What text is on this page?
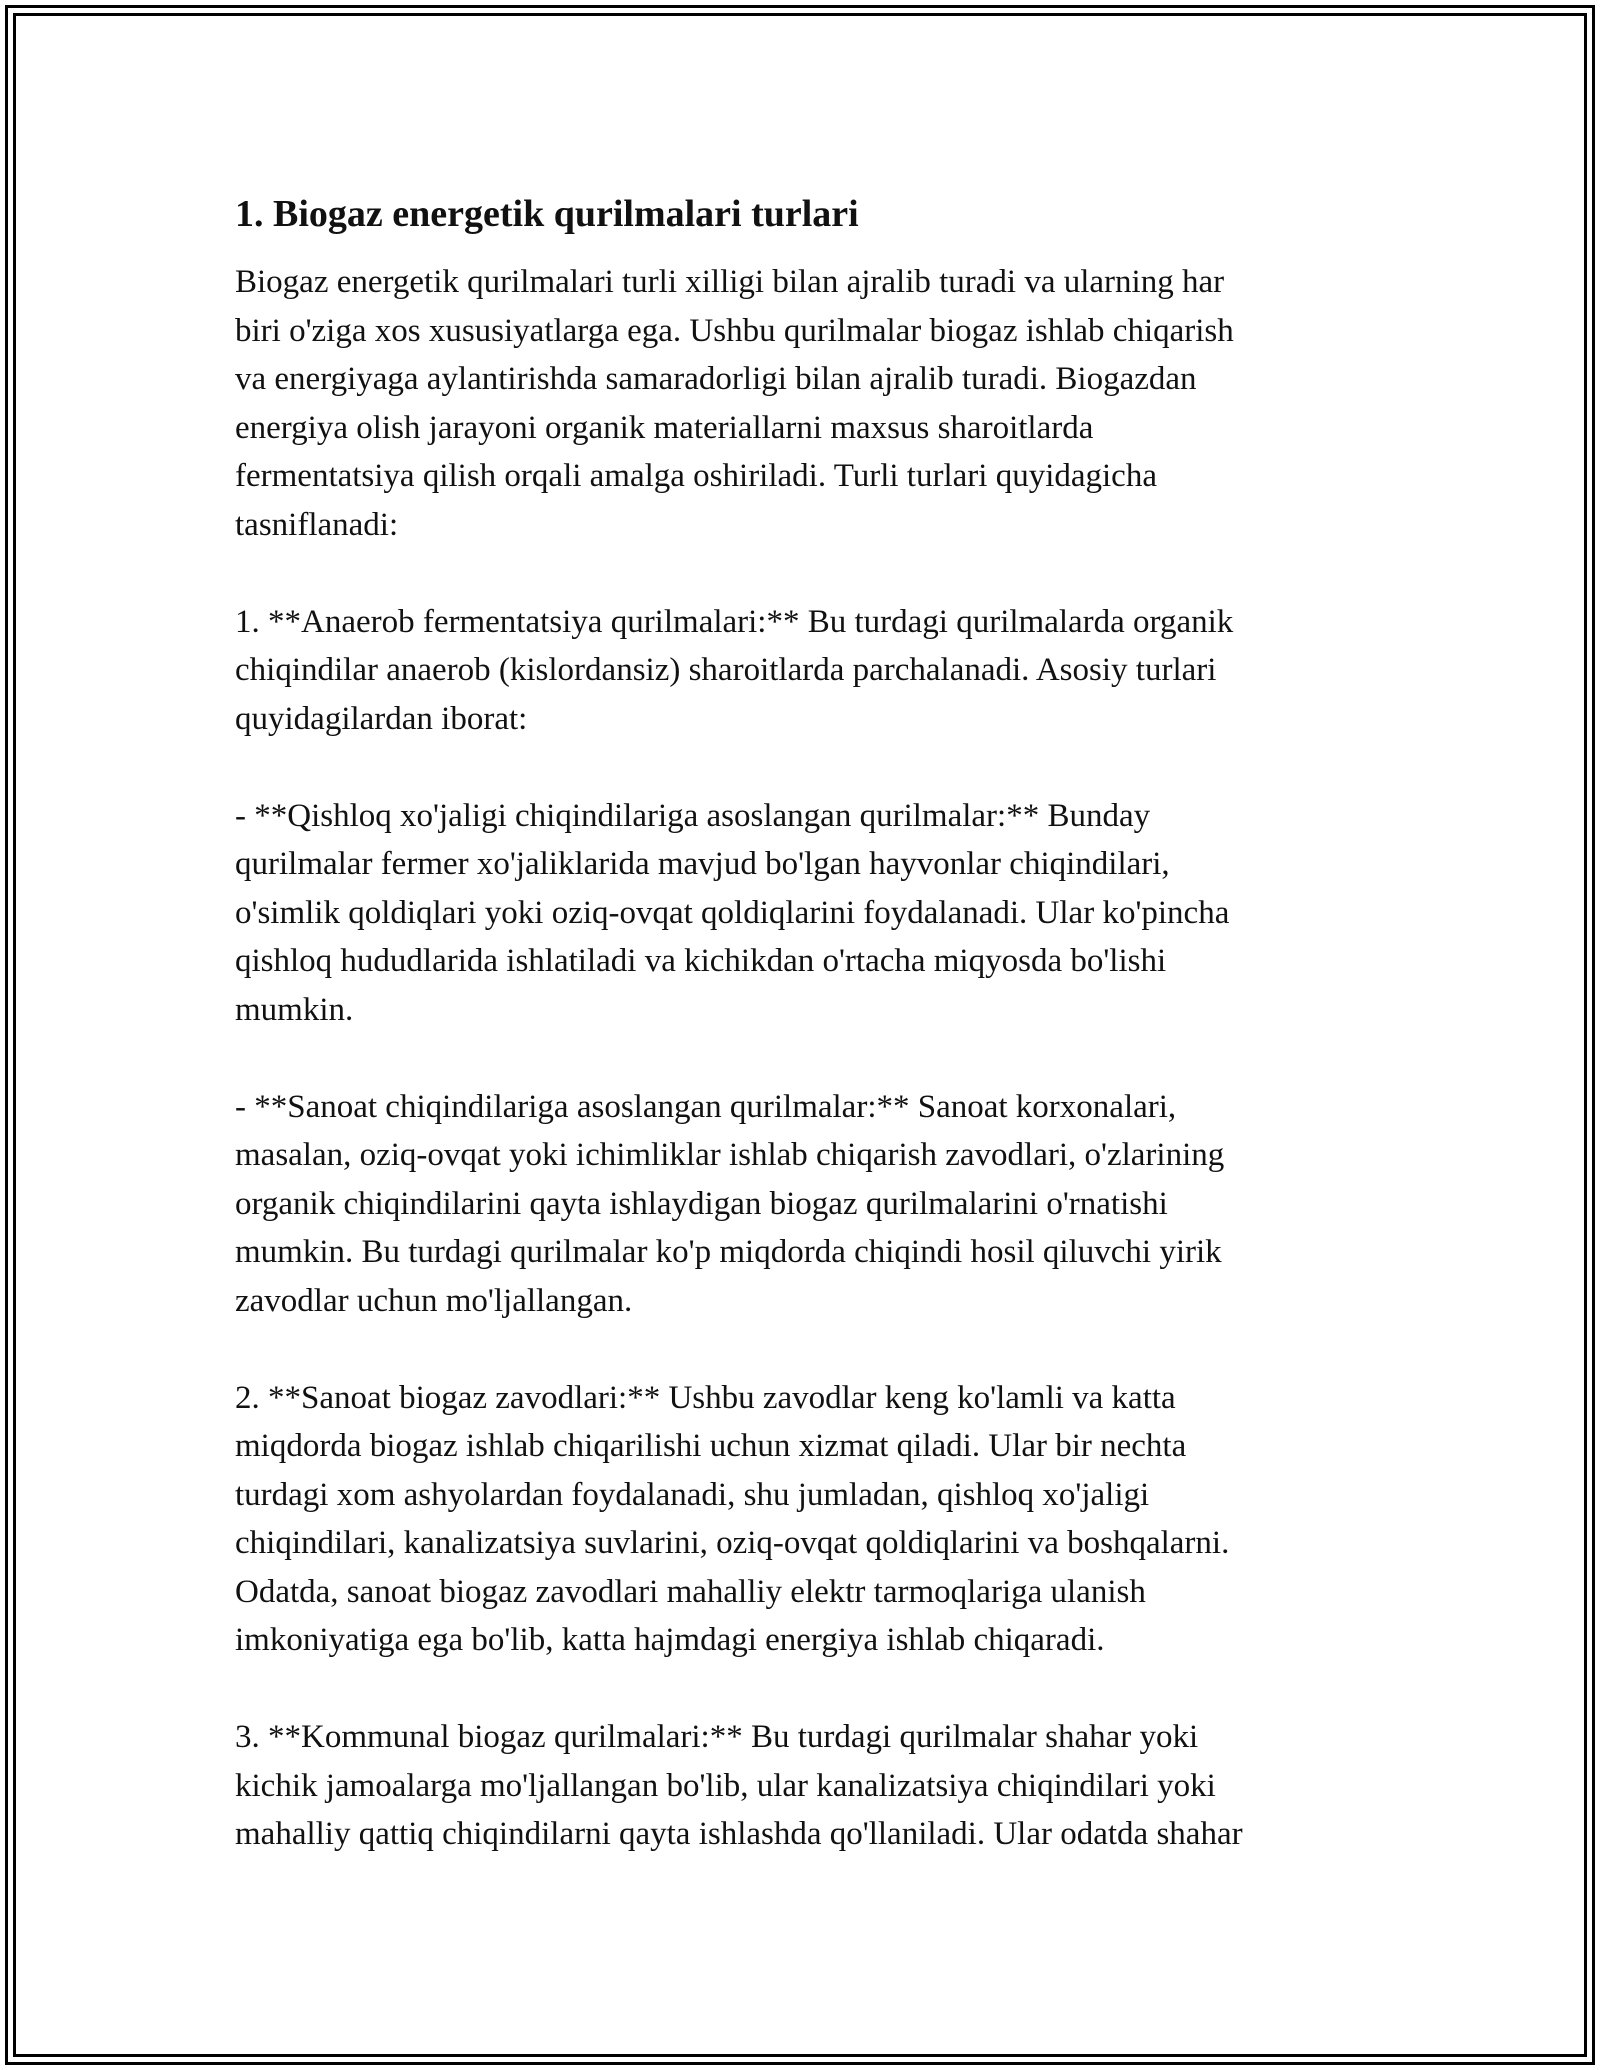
1. Biogaz energetik qurilmalari turlari

Biogaz energetik qurilmalari turli xilligi bilan ajralib turadi va ularning har
biri o'ziga xos xususiyatlarga ega. Ushbu qurilmalar biogaz ishlab chiqarish
va energiyaga aylantirishda samaradorligi bilan ajralib turadi. Biogazdan
energiya olish jarayoni organik materiallarni maxsus sharoitlarda
fermentatsiya qilish orqali amalga oshiriladi. Turli turlari quyidagicha
tasniflanadi:

1. **Anaerob fermentatsiya qurilmalari:** Bu turdagi qurilmalarda organik
chiqindilar anaerob (kislordansiz) sharoitlarda parchalanadi. Asosiy turlari
quyidagilardan iborat:

- **Qishloq xo'jaligi chiqindilariga asoslangan qurilmalar:** Bunday
qurilmalar fermer xo'jaliklarida mavjud bo'lgan hayvonlar chiqindilari,
o'simlik qoldiqlari yoki oziq-ovqat qoldiqlarini foydalanadi. Ular ko'pincha
qishloq hududlarida ishlatiladi va kichikdan o'rtacha miqyosda bo'lishi
mumkin.

- **Sanoat chiqindilariga asoslangan qurilmalar:** Sanoat korxonalari,
masalan, oziq-ovqat yoki ichimliklar ishlab chiqarish zavodlari, o'zlarining
organik chiqindilarini qayta ishlaydigan biogaz qurilmalarini o'rnatishi
mumkin. Bu turdagi qurilmalar ko'p miqdorda chiqindi hosil qiluvchi yirik
zavodlar uchun mo'ljallangan.

2. **Sanoat biogaz zavodlari:** Ushbu zavodlar keng ko'lamli va katta
miqdorda biogaz ishlab chiqarilishi uchun xizmat qiladi. Ular bir nechta
turdagi xom ashyolardan foydalanadi, shu jumladan, qishloq xo'jaligi
chiqindilari, kanalizatsiya suvlarini, oziq-ovqat qoldiqlarini va boshqalarni.
Odatda, sanoat biogaz zavodlari mahalliy elektr tarmoqlariga ulanish
imkoniyatiga ega bo'lib, katta hajmdagi energiya ishlab chiqaradi.

3. **Kommunal biogaz qurilmalari:** Bu turdagi qurilmalar shahar yoki
kichik jamoalarga mo'ljallangan bo'lib, ular kanalizatsiya chiqindilari yoki
mahalliy qattiq chiqindilarni qayta ishlashda qo'llaniladi. Ular odatda shahar
